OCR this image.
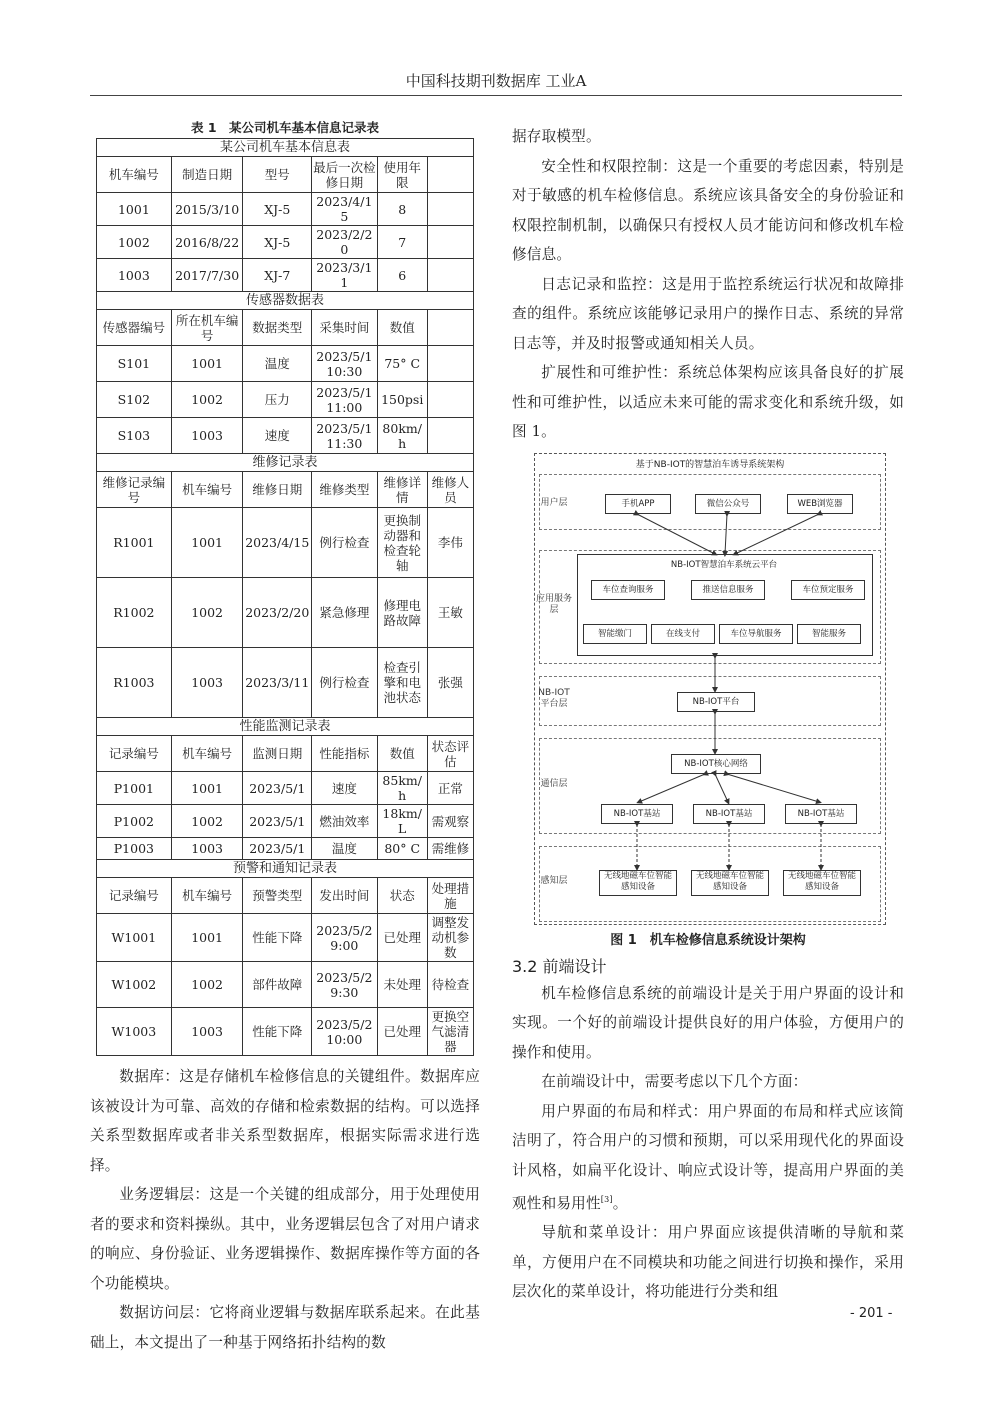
中国科技期刊数据库 工业A
表 1　某公司机车基本信息记录表
某公司机车基本信息表					
机车编号	制造日期	型号	最后一次检修日期	使用年限	
1001	2015/3/10	XJ-5	2023/4/15	8	
1002	2016/8/22	XJ-5	2023/2/20	7	
1003	2017/7/30	XJ-7	2023/3/11	6	
传感器数据表					
传感器编号	所在机车编号	数据类型	采集时间	数值	
S101	1001	温度	2023/5/1 10:30	75° C	
S102	1002	压力	2023/5/1 11:00	150psi	
S103	1003	速度	2023/5/1 11:30	80km/h	
维修记录表					
维修记录编号	机车编号	维修日期	维修类型	维修详情	维修人员
R1001	1001	2023/4/15	例行检查	更换制动器和检查轮轴	李伟
R1002	1002	2023/2/20	紧急修理	修理电路故障	王敏
R1003	1003	2023/3/11	例行检查	检查引擎和电池状态	张强
性能监测记录表					
记录编号	机车编号	监测日期	性能指标	数值	状态评估
P1001	1001	2023/5/1	速度	85km/h	正常
P1002	1002	2023/5/1	燃油效率	18km/L	需观察
P1003	1003	2023/5/1	温度	80° C	需维修
预警和通知记录表					
记录编号	机车编号	预警类型	发出时间	状态	处理措施
W1001	1001	性能下降	2023/5/2 9:00	已处理	调整发动机参数
W1002	1002	部件故障	2023/5/2 9:30	未处理	待检查
W1003	1003	性能下降	2023/5/2 10:00	已处理	更换空气滤清器

数据库：这是存储机车检修信息的关键组件。数据库应该被设计为可靠、高效的存储和检索数据的结构。可以选择关系型数据库或者非关系型数据库，根据实际需求进行选择。

业务逻辑层：这是一个关键的组成部分，用于处理使用者的要求和资料操纵。其中，业务逻辑层包含了对用户请求的响应、身份验证、业务逻辑操作、数据库操作等方面的各个功能模块。

数据访问层：它将商业逻辑与数据库联系起来。在此基础上，本文提出了一种基于网络拓扑结构的数

据存取模型。

安全性和权限控制：这是一个重要的考虑因素，特别是对于敏感的机车检修信息。系统应该具备安全的身份验证和权限控制机制，以确保只有授权人员才能访问和修改机车检修信息。

日志记录和监控：这是用于监控系统运行状况和故障排查的组件。系统应该能够记录用户的操作日志、系统的异常日志等，并及时报警或通知相关人员。

扩展性和可维护性：系统总体架构应该具备良好的扩展性和可维护性，以适应未来可能的需求变化和系统升级，如图 1。

基于NB-IOT的智慧泊车诱导系统架构
用户层	手机APP	微信公众号	WEB浏览器
应用服务层
NB-IOT智慧泊车系统云平台
车位查询服务	推送信息服务	车位预定服务
智能缴门	在线支付	车位导航服务	智能服务
NB-IOT平台层	NB-IOT平台
通信层
NB-IOT核心网络
NB-IOT基站	NB-IOT基站	NB-IOT基站
感知层	无线地磁车位智能感知设备
无线地磁车位智能感知设备
无线地磁车位智能感知设备
图 1　机车检修信息系统设计架构
3.2 前端设计

机车检修信息系统的前端设计是关于用户界面的设计和实现。一个好的前端设计提供良好的用户体验，方便用户的操作和使用。

在前端设计中，需要考虑以下几个方面：

用户界面的布局和样式：用户界面的布局和样式应该简洁明了，符合用户的习惯和预期，可以采用现代化的界面设计风格，如扁平化设计、响应式设计等，提高用户界面的美观性和易用性[3]。

导航和菜单设计：用户界面应该提供清晰的导航和菜单，方便用户在不同模块和功能之间进行切换和操作，采用层次化的菜单设计，将功能进行分类和组

- 201 -
